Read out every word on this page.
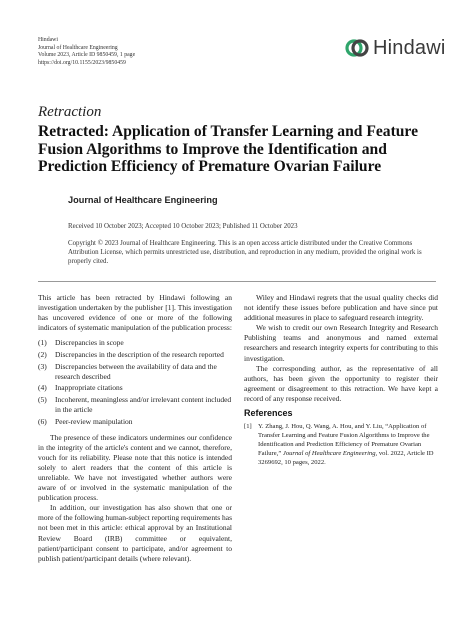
Hindawi
Journal of Healthcare Engineering
Volume 2023, Article ID 9850459, 1 page
https://doi.org/10.1155/2023/9850459
Hindawi
Retraction
Retracted: Application of Transfer Learning and Feature Fusion Algorithms to Improve the Identification and Prediction Efficiency of Premature Ovarian Failure
Journal of Healthcare Engineering
Received 10 October 2023; Accepted 10 October 2023; Published 11 October 2023
Copyright © 2023 Journal of Healthcare Engineering. This is an open access article distributed under the Creative Commons Attribution License, which permits unrestricted use, distribution, and reproduction in any medium, provided the original work is properly cited.

This article has been retracted by Hindawi following an investigation undertaken by the publisher [1]. This investigation has uncovered evidence of one or more of the following indicators of systematic manipulation of the publication process:

(1)	Discrepancies in scope
(2)	Discrepancies in the description of the research reported
(3)	Discrepancies between the availability of data and the research described
(4)	Inappropriate citations
(5)	Incoherent, meaningless and/or irrelevant content included in the article
(6)	Peer-review manipulation

The presence of these indicators undermines our confidence in the integrity of the article's content and we cannot, therefore, vouch for its reliability. Please note that this notice is intended solely to alert readers that the content of this article is unreliable. We have not investigated whether authors were aware of or involved in the systematic manipulation of the publication process.

In addition, our investigation has also shown that one or more of the following human-subject reporting requirements has not been met in this article: ethical approval by an Institutional Review Board (IRB) committee or equivalent, patient/participant consent to participate, and/or agreement to publish patient/participant details (where relevant).

Wiley and Hindawi regrets that the usual quality checks did not identify these issues before publication and have since put additional measures in place to safeguard research integrity.

We wish to credit our own Research Integrity and Research Publishing teams and anonymous and named external researchers and research integrity experts for contributing to this investigation.

The corresponding author, as the representative of all authors, has been given the opportunity to register their agreement or disagreement to this retraction. We have kept a record of any response received.

References
[1] Y. Zhang, J. Hou, Q. Wang, A. Hou, and Y. Liu, “Application of Transfer Learning and Feature Fusion Algorithms to Improve the Identification and Prediction Efficiency of Premature Ovarian Failure,” Journal of Healthcare Engineering, vol. 2022, Article ID 3269692, 10 pages, 2022.
